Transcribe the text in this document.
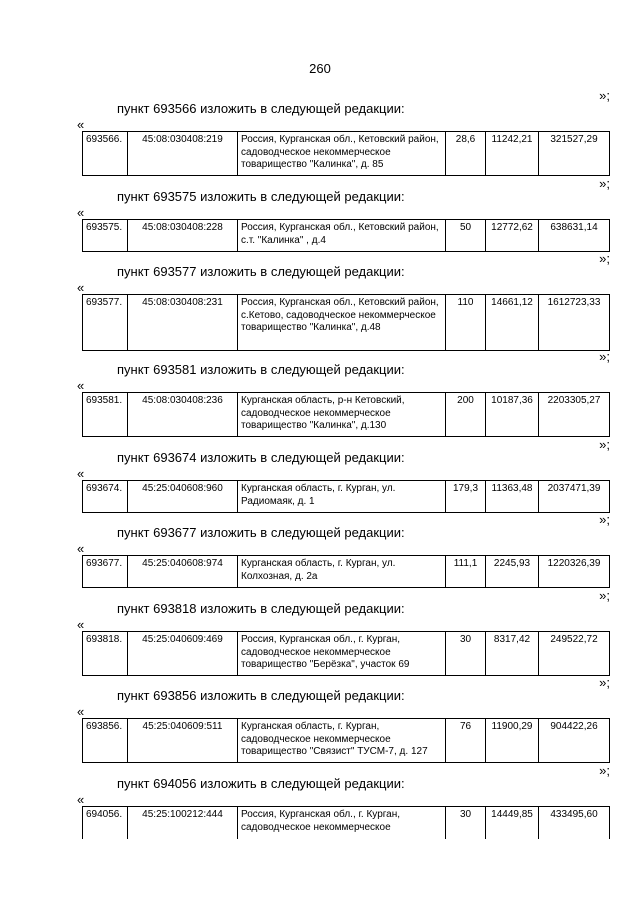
260
»;
пункт 693566 изложить в следующей редакции:
«
693566.	45:08:030408:219	Россия, Курганская обл., Кетовский район, садоводческое некоммерческое товарищество "Калинка", д. 85	28,6	11242,21	321527,29
»;
пункт 693575 изложить в следующей редакции:
«
693575.	45:08:030408:228	Россия, Курганская обл., Кетовский район, с.т. "Калинка" , д.4	50	12772,62	638631,14
»;
пункт 693577 изложить в следующей редакции:
«
693577.	45:08:030408:231	Россия, Курганская обл., Кетовский район, с.Кетово, садоводческое некоммерческое товарищество "Калинка", д.48	110	14661,12	1612723,33
»;
пункт 693581 изложить в следующей редакции:
«
693581.	45:08:030408:236	Курганская область, р-н Кетовский, садоводческое некоммерческое товарищество "Калинка", д.130	200	10187,36	2203305,27
»;
пункт 693674 изложить в следующей редакции:
«
693674.	45:25:040608:960	Курганская область, г. Курган, ул. Радиомаяк, д. 1	179,3	11363,48	2037471,39
»;
пункт 693677 изложить в следующей редакции:
«
693677.	45:25:040608:974	Курганская область, г. Курган, ул. Колхозная, д. 2а	111,1	2245,93	1220326,39
»;
пункт 693818 изложить в следующей редакции:
«
693818.	45:25:040609:469	Россия, Курганская обл., г. Курган, садоводческое некоммерческое товарищество "Берёзка", участок 69	30	8317,42	249522,72
»;
пункт 693856 изложить в следующей редакции:
«
693856.	45:25:040609:511	Курганская область, г. Курган, садоводческое некоммерческое товарищество "Связист" ТУСМ-7, д. 127	76	11900,29	904422,26
»;
пункт 694056 изложить в следующей редакции:
«
694056.	45:25:100212:444	Россия, Курганская обл., г. Курган, садоводческое некоммерческое	30	14449,85	433495,60
